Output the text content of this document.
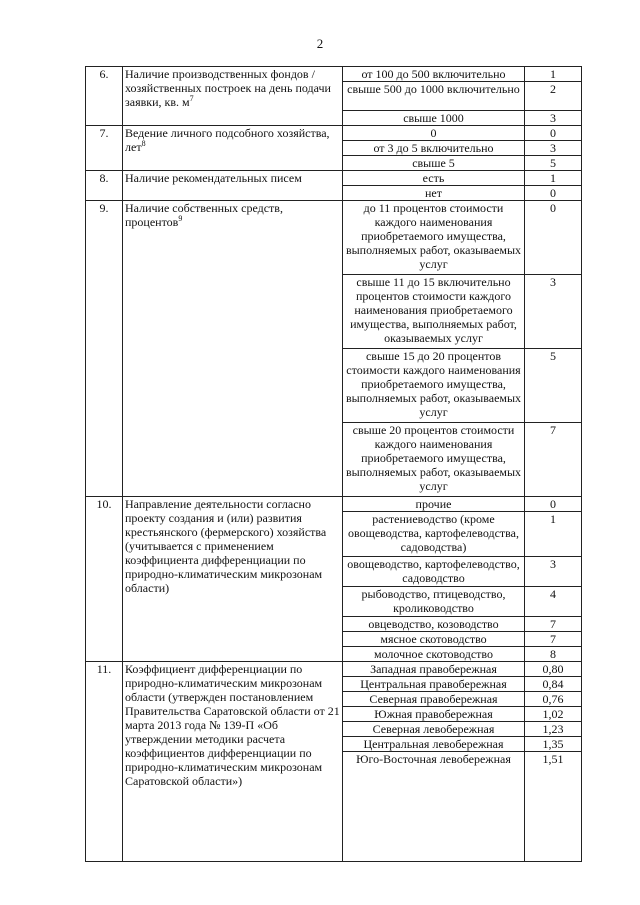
2
6.	Наличие производственных фондов / хозяйственных построек на день подачи заявки, кв. $м^7$	от 100 до 500 включительно	1
		свыше 500 до 1000 включительно	2
		свыше 1000	3
7.	Ведение личного подсобного хозяйства, лет$^8$	0	0
		от 3 до 5 включительно	3
		свыше 5	5
8.	Наличие рекомендательных писем	есть	1
		нет	0
9.	Наличие собственных средств, процентов$^9$	до 11 процентов стоимости каждого наименования приобретаемого имущества, выполняемых работ, оказываемых услуг	0
		свыше 11 до 15 включительно процентов стоимости каждого наименования приобретаемого имущества, выполняемых работ, оказываемых услуг	3
		свыше 15 до 20 процентов стоимости каждого наименования приобретаемого имущества, выполняемых работ, оказываемых услуг	5
		свыше 20 процентов стоимости каждого наименования приобретаемого имущества, выполняемых работ, оказываемых услуг	7
10.	Направление деятельности согласно проекту создания и (или) развития крестьянского (фермерского) хозяйства (учитывается с применением коэффициента дифференциации по природно-климатическим микрозонам области)	прочие	0
		растениеводство (кроме овощеводства, картофелеводства, садоводства)	1
		овощеводство, картофелеводство, садоводство	3
		рыбоводство, птицеводство, кролиководство	4
		овцеводство, козоводство	7
		мясное скотоводство	7
		молочное скотоводство	8
11.	Коэффициент дифференциации по природно-климатическим микрозонам области (утвержден постановлением Правительства Саратовской области от 21 марта 2013 года № 139-П «Об утверждении методики расчета коэффициентов дифференциации по природно-климатическим микрозонам Саратовской области»)	Западная правобережная	0,80
		Центральная правобережная	0,84
		Северная правобережная	0,76
		Южная правобережная	1,02
		Северная левобережная	1,23
		Центральная левобережная	1,35
		Юго-Восточная левобережная	1,51
